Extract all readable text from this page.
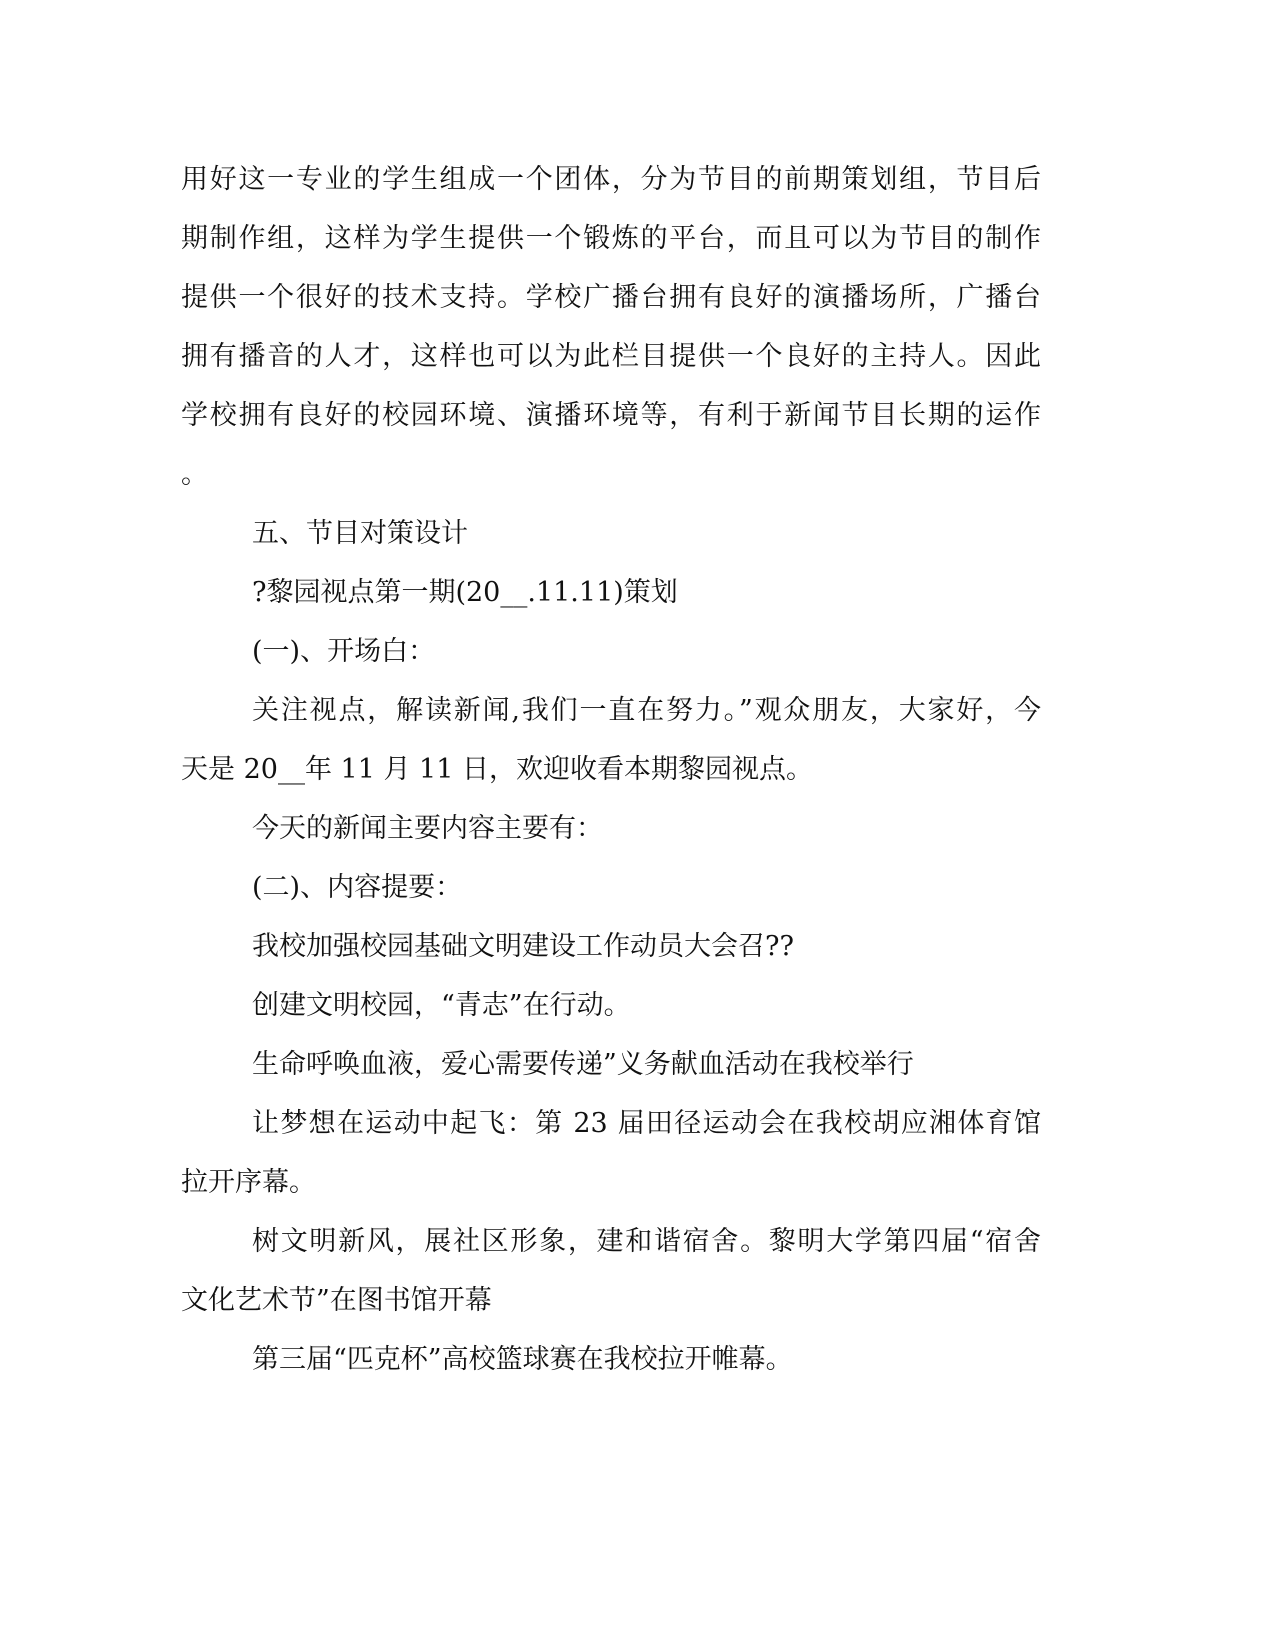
用好这一专业的学生组成一个团体，分为节目的前期策划组，节目后

期制作组，这样为学生提供一个锻炼的平台，而且可以为节目的制作

提供一个很好的技术支持。学校广播台拥有良好的演播场所，广播台

拥有播音的人才，这样也可以为此栏目提供一个良好的主持人。因此

学校拥有良好的校园环境、演播环境等，有利于新闻节目长期的运作

。

五、节目对策设计

?黎园视点第一期(20__.11.11)策划

(一)、开场白：

关注视点，解读新闻,我们一直在努力。”观众朋友，大家好，今

天是 20__年 11 月 11 日，欢迎收看本期黎园视点。

今天的新闻主要内容主要有：

(二)、内容提要：

我校加强校园基础文明建设工作动员大会召??

创建文明校园，“青志”在行动。

生命呼唤血液，爱心需要传递”义务献血活动在我校举行

让梦想在运动中起飞：第 23 届田径运动会在我校胡应湘体育馆

拉开序幕。

树文明新风，展社区形象，建和谐宿舍。黎明大学第四届“宿舍

文化艺术节”在图书馆开幕

第三届“匹克杯”高校篮球赛在我校拉开帷幕。
